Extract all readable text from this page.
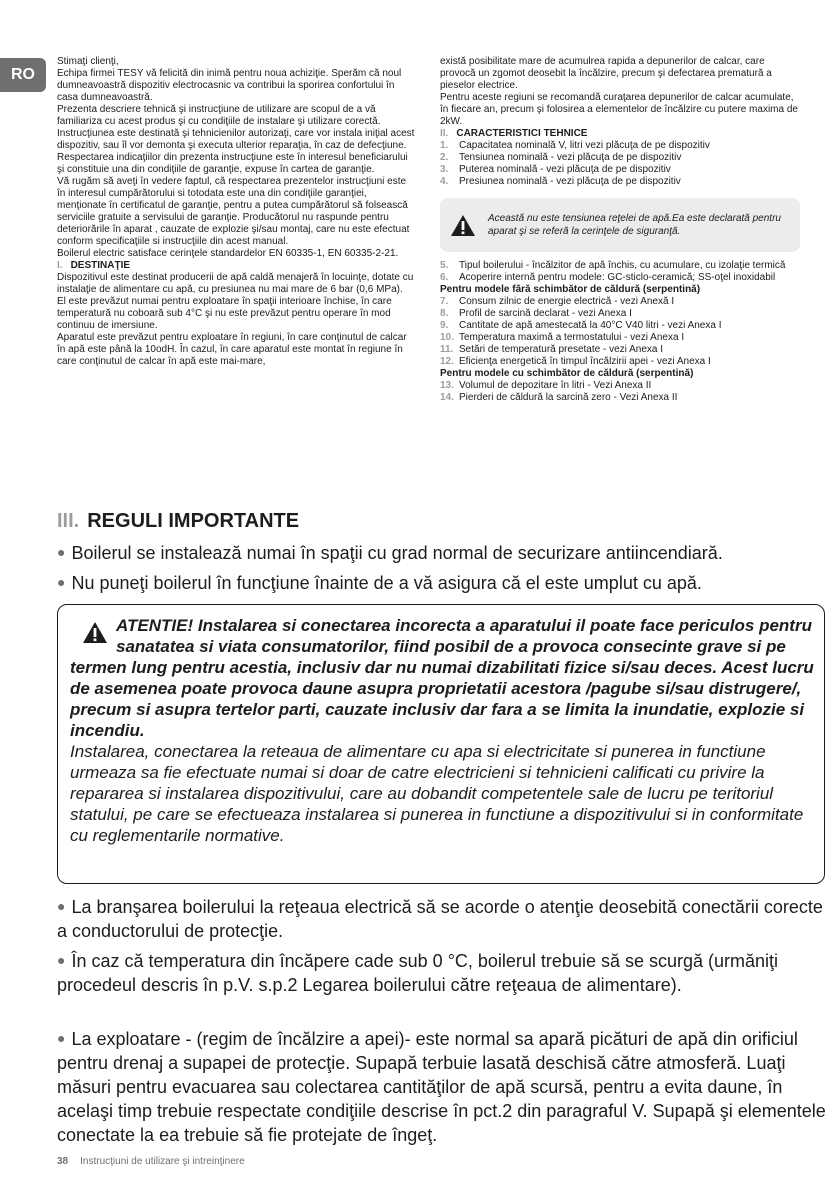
RO

Stimaţi clienţi,

Echipa firmei TESY vă felicită din inimă pentru noua achiziţie. Sperăm că noul dumneavoastră dispozitiv electrocasnic va contribui la sporirea confortului în casa dumneavoastră.

Prezenta descriere tehnică şi instrucţiune de utilizare are scopul de a vă familiariza cu acest produs şi cu condiţiile de instalare şi utilizare corectă. Instrucţiunea este destinată şi tehnicienilor autorizaţi, care vor instala iniţial acest dispozitiv, sau îl vor demonta şi executa ulterior reparaţia, în caz de defecţiune.

Respectarea indicaţiilor din prezenta instrucţiune este în interesul beneficiarului şi constituie una din condiţiile de garanţie, expuse în cartea de garanţie.

Vă rugăm să aveţi în vedere faptul, că respectarea prezentelor instrucţiuni este în interesul cumpărătorului si totodata este una din condiţiile garanţiei, menţionate în certificatul de garanţie, pentru a putea cumpărătorul să folsească serviciile gratuite a servisului de garanţie. Producătorul nu raspunde pentru deteriorările în aparat , cauzate de explozie şi/sau montaj, care nu este efectuat conform specificaţiile si instrucţiile din acest manual.

Boilerul electric satisface cerinţele standardelor EN 60335-1, EN 60335-2-21.

I. DESTINAŢIE

Dispozitivul este destinat producerii de apă caldă menajeră în locuinţe, dotate cu instalaţie de alimentare cu apă, cu presiunea nu mai mare de 6 bar (0,6 MPa).

El este prevăzut numai pentru exploatare în spaţii interioare închise, în care temperatură nu coboară sub 4°C şi nu este prevăzut pentru operare în mod continuu de imersiune.

Aparatul este prevăzut pentru exploatare în regiuni, în care conţinutul de calcar în apă este până la 10odH. În cazul, în care aparatul este montat în regiune în care conţinutul de calcar în apă este mai-mare,

există posibilitate mare de acumulrea rapida a depunerilor de calcar, care provocă un zgomot deosebit la încălzire, precum şi defectarea prematură a pieselor electrice.

Pentru aceste regiuni se recomandă curaţarea depunerilor de calcar acumulate, în fiecare an, precum şi folosirea a elementelor de încălzire cu putere maxima de 2kW.

II. CARACTERISTICI TEHNICE

1. Capacitatea nominală V, litri vezi plăcuţa de pe dispozitiv
2. Tensiunea nominală - vezi plăcuţa de pe dispozitiv
3. Puterea nominală - vezi plăcuţa de pe dispozitiv
4. Presiunea nominală - vezi plăcuţa de pe dispozitiv
Această nu este tensiunea reţelei de apă.Ea este declarată pentru aparat şi se referă la cerinţele de siguranţă.
5. Tipul boilerului - încălzitor de apă închis, cu acumulare, cu izolaţie termică
6. Acoperire internă pentru modele: GC-sticlo-ceramică; SS-oţel inoxidabil
Pentru modele fără schimbător de căldură (serpentină)
7. Consum zilnic de energie electrică - vezi Anexă I
8. Profil de sarcină declarat - vezi Anexa I
9. Cantitate de apă amestecată la 40°C V40 litri - vezi Anexa I
10. Temperatura maximă a termostatului - vezi Anexa I
11. Setări de temperatură presetate - vezi Anexa I
12. Eficienţa energetică în timpul încălzirii apei - vezi Anexa I
Pentru modele cu schimbător de căldură (serpentină)
13. Volumul de depozitare în litri - Vezi Anexa II
14. Pierderi de căldură la sarcină zero - Vezi Anexa II
III. REGULI IMPORTANTE
● Boilerul se instalează numai în spaţii cu grad normal de securizare antiincendiară.
● Nu puneţi boilerul în funcţiune înainte de a vă asigura că el este umplut cu apă.
ATENTIE! Instalarea si conectarea incorecta a aparatului il poate face periculos pentru sanatatea si viata consumatorilor, fiind posibil de a provoca consecinte grave si pe termen lung pentru acestia, inclusiv dar nu numai dizabilitati fizice si/sau deces. Acest lucru de asemenea poate provoca daune asupra proprietatii acestora /pagube si/sau distrugere/, precum si asupra tertelor parti, cauzate inclusiv dar fara a se limita la inundatie, explozie si incendiu.
Instalarea, conectarea la reteaua de alimentare cu apa si electricitate si punerea in functiune urmeaza sa fie efectuate numai si doar de catre electricieni si tehnicieni calificati cu privire la repararea si instalarea dispozitivului, care au dobandit competentele sale de lucru pe teritoriul statului, pe care se efectueaza instalarea si punerea in functiune a dispozitivului si in conformitate cu reglementarile normative.
● La branşarea boilerului la reţeaua electrică să se acorde o atenţie deosebită conectării corecte a conductorului de protecţie.
● În caz că temperatura din încăpere cade sub 0 °C, boilerul trebuie să se scurgă (urmăniţi procedeul descris în p.V. s.p.2 Legarea boilerului către reţeaua de alimentare).
● La exploatare - (regim de încălzire a apei)- este normal sa apară picături de apă din orificiul pentru drenaj a supapei de protecţie. Supapă terbuie lasată deschisă către atmosferă. Luaţi măsuri pentru evacuarea sau colectarea cantităţilor de apă scursă, pentru a evita daune, în acelaşi timp trebuie respectate condiţiile descrise în pct.2 din paragraful V. Supapă şi elementele conectate la ea trebuie să fie protejate de îngeţ.
38 Instrucţiuni de utilizare şi intreinţinere
